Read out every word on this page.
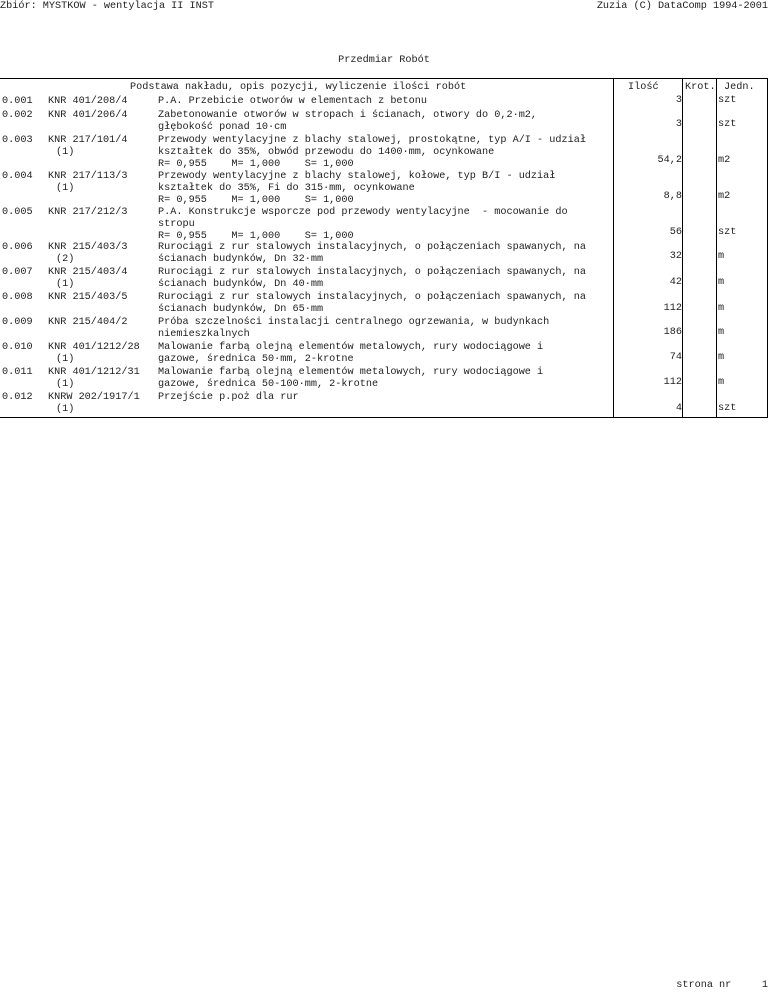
Zbiór: MYSTKOW - wentylacja II INST	Zuzia (C) DataComp 1994-2001
Przedmiar Robót
Podstawa nakładu, opis pozycji, wyliczenie ilości robót	Ilość	Krot. Jedn.
0.001 KNR 401/208/4	P.A. Przebicie otworów w elementach z betonu	3	szt
0.002 KNR 401/206/4	Zabetonowanie otworów w stropach i ścianach, otwory do 0,2·m2,
głębokość ponad 10·cm	3	szt
0.003 KNR 217/101/4
(1)
Przewody wentylacyjne z blachy stalowej, prostokątne, typ A/I - udział
kształtek do 35%, obwód przewodu do 1400·mm, ocynkowane
R= 0,955    M= 1,000    S= 1,000	54,2	m2
0.004 KNR 217/113/3
(1)
Przewody wentylacyjne z blachy stalowej, kołowe, typ B/I - udział
kształtek do 35%, Fi do 315·mm, ocynkowane
R= 0,955    M= 1,000    S= 1,000	8,8	m2
0.005 KNR 217/212/3	P.A. Konstrukcje wsporcze pod przewody wentylacyjne  - mocowanie do
stropu
R= 0,955    M= 1,000    S= 1,000	56	szt
0.006 KNR 215/403/3
(2)
Rurociągi z rur stalowych instalacyjnych, o połączeniach spawanych, na
ścianach budynków, Dn 32·mm	32	m
0.007 KNR 215/403/4
(1)
Rurociągi z rur stalowych instalacyjnych, o połączeniach spawanych, na
ścianach budynków, Dn 40·mm	42	m
0.008 KNR 215/403/5	Rurociągi z rur stalowych instalacyjnych, o połączeniach spawanych, na
ścianach budynków, Dn 65·mm	112	m
0.009 KNR 215/404/2	Próba szczelności instalacji centralnego ogrzewania, w budynkach
niemieszkalnych	186	m
0.010 KNR 401/1212/28
(1)
Malowanie farbą olejną elementów metalowych, rury wodociągowe i
gazowe, średnica 50·mm, 2-krotne	74	m
0.011 KNR 401/1212/31
(1)
Malowanie farbą olejną elementów metalowych, rury wodociągowe i
gazowe, średnica 50-100·mm, 2-krotne	112	m
0.012 KNRW 202/1917/1
(1)
Przejście p.poż dla rur
4	szt
strona nr	1
